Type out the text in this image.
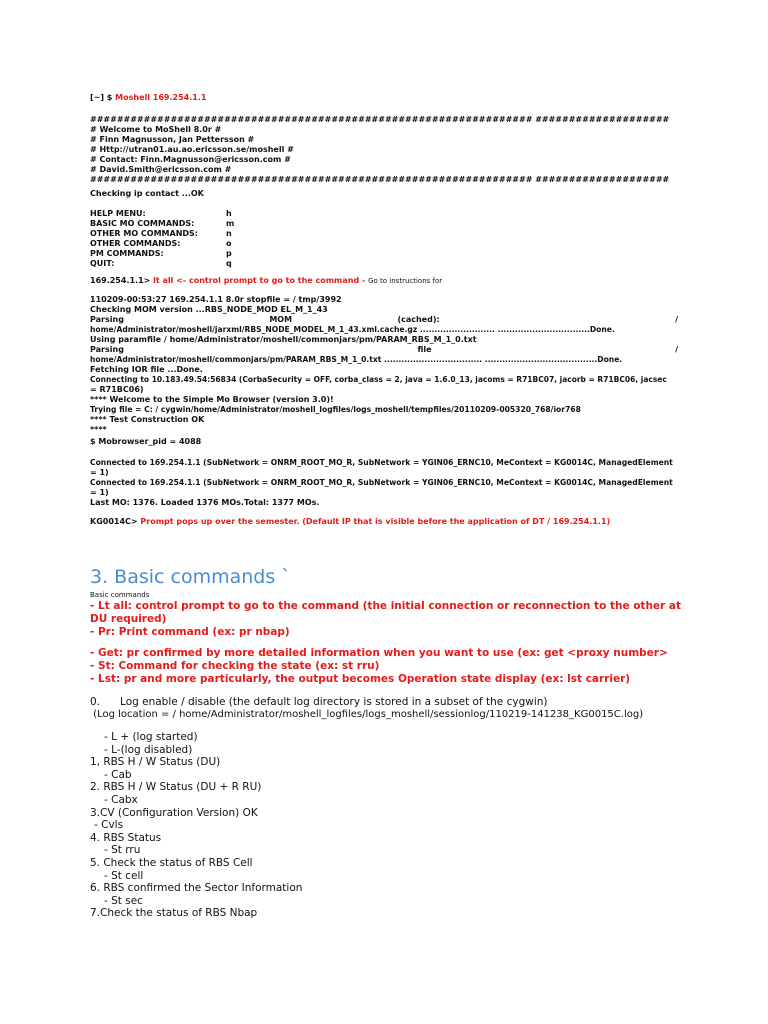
[~] $ Moshell 169.254.1.1
################################################################## ####################
# Welcome to MoShell 8.0r #
# Finn Magnusson, Jan Pettersson #
# Http://utran01.au.ao.ericsson.se/moshell #
# Contact: Finn.Magnusson@ericsson.com #
# David.Smith@ericsson.com #
################################################################## ####################
Checking ip contact ...OK
HELP MENU:	h
BASIC MO COMMANDS:	m
OTHER MO COMMANDS:	n
OTHER COMMANDS:	o
PM COMMANDS:	p
QUIT:	q
169.254.1.1> lt all <- control prompt to go to the command - Go to instructions for
110209-00:53:27 169.254.1.1 8.0r stopfile = / tmp/3992
Checking MOM version ...RBS_NODE_MOD EL_M_1_43
Parsing	MOM	(cached):	/
home/Administrator/moshell/jarxml/RBS_NODE_MODEL_M_1_43.xml.cache.gz .......................... ................................Done.
Using paramfile / home/Administrator/moshell/commonjars/pm/PARAM_RBS_M_1_0.txt
Parsing	file	/
home/Administrator/moshell/commonjars/pm/PARAM_RBS_M_1_0.txt .................................. .......................................Done.
Fetching IOR file ...Done.
Connecting to 10.183.49.54:56834 (CorbaSecurity = OFF, corba_class = 2, java = 1.6.0_13, jacoms = R71BC07, jacorb = R71BC06, jacsec
= R71BC06)
**** Welcome to the Simple Mo Browser (version 3.0)!
Trying file = C: / cygwin/home/Administrator/moshell_logfiles/logs_moshell/tempfiles/20110209-005320_768/ior768
**** Test Construction OK
****
$ Mobrowser_pid = 4088
Connected to 169.254.1.1 (SubNetwork = ONRM_ROOT_MO_R, SubNetwork = YGIN06_ERNC10, MeContext = KG0014C, ManagedElement
= 1)
Connected to 169.254.1.1 (SubNetwork = ONRM_ROOT_MO_R, SubNetwork = YGIN06_ERNC10, MeContext = KG0014C, ManagedElement
= 1)
Last MO: 1376. Loaded 1376 MOs.Total: 1377 MOs.
KG0014C> Prompt pops up over the semester. (Default IP that is visible before the application of DT / 169.254.1.1)
3. Basic commands `
Basic commands
- Lt all: control prompt to go to the command (the initial connection or reconnection to the other at DU required)
- Pr: Print command (ex: pr nbap)
- Get: pr confirmed by more detailed information when you want to use (ex: get <proxy number>
- St: Command for checking the state (ex: st rru)
- Lst: pr and more particularly, the output becomes Operation state display (ex: lst carrier)
0.      Log enable / disable (the default log directory is stored in a subset of the cygwin)
(Log location = / home/Administrator/moshell_logfiles/logs_moshell/sessionlog/110219-141238_KG0015C.log)
- L + (log started)
- L-(log disabled)
1, RBS H / W Status (DU)
- Cab
2. RBS H / W Status (DU + R RU)
- Cabx
3.CV (Configuration Version) OK
- Cvls
4. RBS Status
- St rru
5. Check the status of RBS Cell
- St cell
6. RBS confirmed the Sector Information
- St sec
7.Check the status of RBS Nbap
